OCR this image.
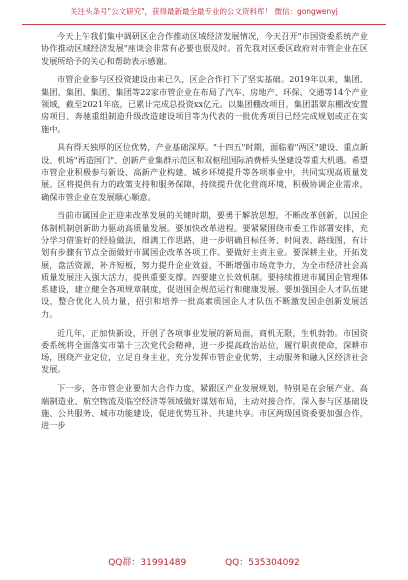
关注头条号"公文研究"，获得最新最全最专业的公文资料库！ 微信：gongwenyj

今天上午我们集中调研区企合作推动区域经济发展情况，今天召开"市国资委系统产业协作推动区域经济发展"座谈会非常有必要也很及时。首先我对区委区政府对市管企业在区发展所给予的关心和帮助表示感谢。

市管企业参与区投资建设由来已久，区企合作打下了坚实基础。2019年以来，集团、集团、集团、集团、集团等22家市管企业在布局了汽车、房地产、环保、交通等14个产业领域，截至2021年底，已累计完成总投资xx亿元。以集团棚改项目，集团翡翠东棚改安置房项目、奔驰重组制造升级改造建设项目等为代表的一批优秀项目已经完成规划或正在实施中。

具有得天独厚的区位优势，产业基础深厚。"十四五"时期，面临着"两区"建设、重点新设、机场"再造国门"、创新产业集群示范区和双枢纽国际消费桥头堡建设等重大机遇。希望市管企业积极参与新设、高新产业构建、城乡环境提升等各项事业中，共同实现高质量发展。区将提供有力的政策支持和服务保障，持续提升优化营商环境，积极协调企业需求，确保市管企业在发展顺心顺意。

当前市属国企正迎来改革发展的关键时期，要勇于解放思想，不断改革创新，以国企体制机制创新助力驱动高质量发展。要加快改革进程。要紧紧围绕市委工作部署安排，充分学习借鉴好的经验做法，细满工作思路，进一步明确目标任务、时间表、路线图，有计划有步骤有节点全面做好市属国企改革各项工作。要做好主责主业。要深耕主业，开拓发展，盘活资源，补齐短板，努力提升企业效益，不断增强市场竞争力，为全市经济社会高质量发展注入强大活力，提供重要支撑。四要建立长效机制。要持续推进市属国企管理体系建设，建立健全各项规章制度，促进国企规范运行和健康发展。要加强国企人才队伍建设，整合优化人员力量，招引和培养一批高素质国企人才队伍不断激发国企创新发展活力。

近几年，正加快新设，开创了各项事业发展的新局面，商机无限，生机勃勃。市国资委系统将全面落实市第十三次党代会精神，进一步提高政治站位，履行职责使命，深耕市场，围绕产业定位，立足自身主业，充分发挥市管企业优势，主动服务和融入区经济社会发展。

下一步，各市管企业要加大合作力度，紧跟区产业发展规划，特别是在会展产业、高端制造业、航空物流及临空经济等领域做好谋划布局，主动对接合作，深入参与区基础设施、公共服务、城市功能建设，促进优势互补、共建共享。市区两级国资委要加强合作，进一步

QQ群：31991489	QQ：535304092
